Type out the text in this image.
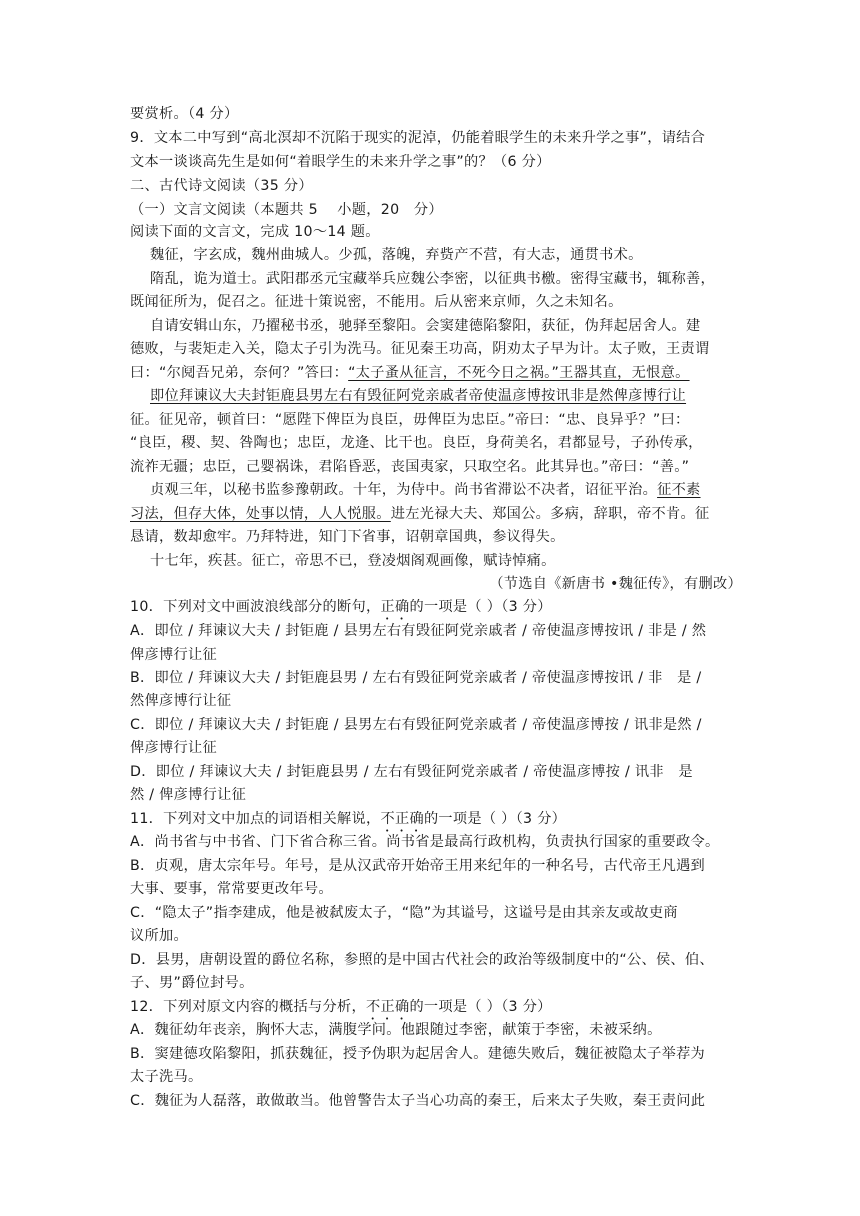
要赏析。（4 分）
9．文本二中写到“高北溟却不沉陷于现实的泥淖，仍能着眼学生的未来升学之事”，请结合
文本一谈谈高先生是如何“着眼学生的未来升学之事”的？（6 分）
二、古代诗文阅读（35 分）
（一）文言文阅读（本题共 5　 小题，20　分）
阅读下面的文言文，完成 10～14 题。
魏征，字玄成，魏州曲城人。少孤，落魄，弃赀产不营，有大志，通贯书术。
隋乱，诡为道士。武阳郡丞元宝藏举兵应魏公李密，以征典书檄。密得宝藏书，辄称善，
既闻征所为，促召之。征进十策说密，不能用。后从密来京师，久之未知名。
自请安辑山东，乃擢秘书丞，驰驿至黎阳。会窦建德陷黎阳，获征，伪拜起居舍人。建
德败，与裴矩走入关，隐太子引为洗马。征见秦王功高，阴劝太子早为计。太子败，王责谓
曰：“尔阋吾兄弟，奈何？”答曰：“太子蚤从征言，不死今日之祸。”王器其直，无恨意。
即位拜谏议大夫封钜鹿县男左右有毁征阿党亲戚者帝使温彦博按讯非是然俾彦博行让
征。征见帝，顿首曰：“愿陛下俾臣为良臣，毋俾臣为忠臣。”帝曰：“忠、良异乎？”曰：
“良臣，稷、契、咎陶也；忠臣，龙逄、比干也。良臣，身荷美名，君都显号，子孙传承，
流祚无疆；忠臣，己婴祸诛，君陷昏恶，丧国夷家，只取空名。此其异也。”帝曰：“善。”
贞观三年，以秘书监参豫朝政。十年，为侍中。尚书省滞讼不决者，诏征平治。征不素
习法，但存大体，处事以情，人人悦服。进左光禄大夫、郑国公。多病，辞职，帝不肯。征
恳请，数却愈牢。乃拜特进，知门下省事，诏朝章国典，参议得失。
十七年，疾甚。征亡，帝思不已，登凌烟阁观画像，赋诗悼痛。
（节选自《新唐书 •魏征传》，有删改）
10．下列对文中画波浪线部分的断句，正确的一项是（ ）（3 分）
A．即位 / 拜谏议大夫 / 封钜鹿 / 县男左右有毁征阿党亲戚者 / 帝使温彦博按讯 / 非是 / 然
俾彦博行让征
B．即位 / 拜谏议大夫 / 封钜鹿县男 / 左右有毁征阿党亲戚者 / 帝使温彦博按讯 / 非　是 /
然俾彦博行让征
C．即位 / 拜谏议大夫 / 封钜鹿 / 县男左右有毁征阿党亲戚者 / 帝使温彦博按 / 讯非是然 /
俾彦博行让征
D．即位 / 拜谏议大夫 / 封钜鹿县男 / 左右有毁征阿党亲戚者 / 帝使温彦博按 / 讯非　是
然 / 俾彦博行让征
11．下列对文中加点的词语相关解说，不正确的一项是（ ）（3 分）
A．尚书省与中书省、门下省合称三省。尚书省是最高行政机构，负责执行国家的重要政令。
B．贞观，唐太宗年号。年号，是从汉武帝开始帝王用来纪年的一种名号，古代帝王凡遇到
大事、要事，常常要更改年号。
C．“隐太子”指李建成，他是被弑废太子，“隐”为其谥号，这谥号是由其亲友或故吏商
议所加。
D．县男，唐朝设置的爵位名称，参照的是中国古代社会的政治等级制度中的“公、侯、伯、
子、男”爵位封号。
12．下列对原文内容的概括与分析，不正确的一项是（ ）（3 分）
A．魏征幼年丧亲，胸怀大志，满腹学问。他跟随过李密，献策于李密，未被采纳。
B．窦建德攻陷黎阳，抓获魏征，授予伪职为起居舍人。建德失败后，魏征被隐太子举荐为
太子洗马。
C．魏征为人磊落，敢做敢当。他曾警告太子当心功高的秦王，后来太子失败，秦王责问此
